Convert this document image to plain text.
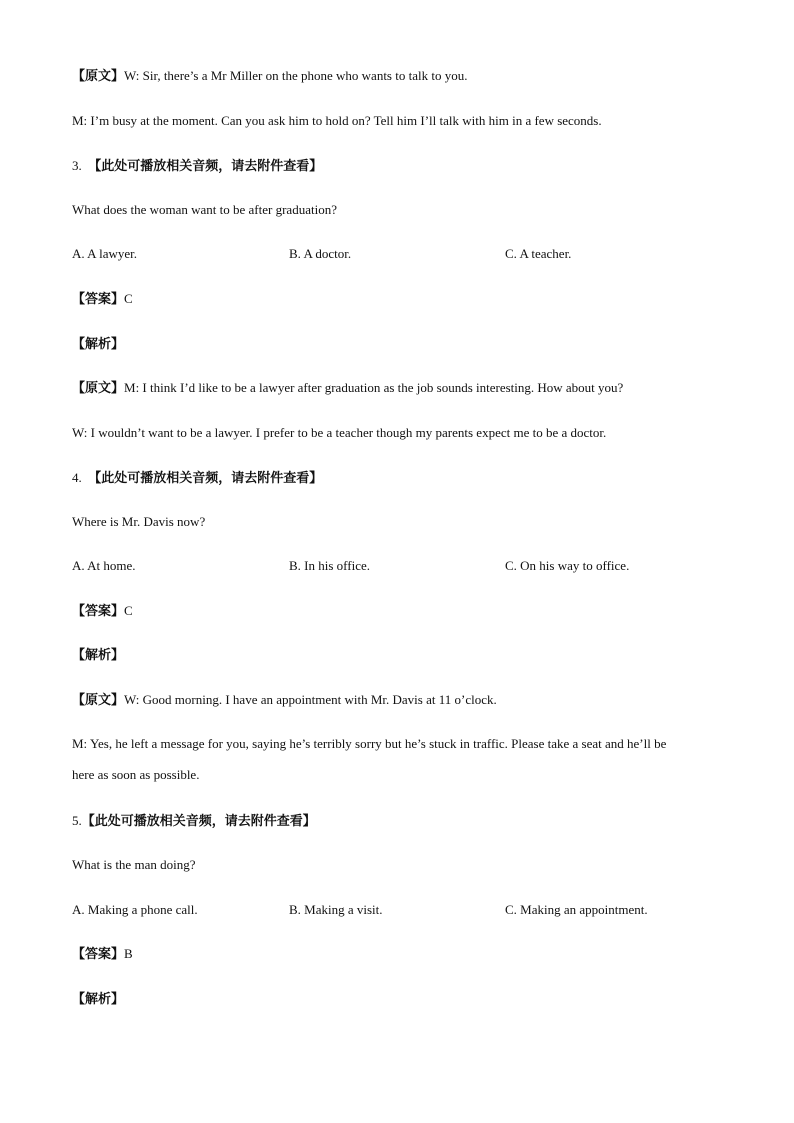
【原文】W: Sir, there’s a Mr Miller on the phone who wants to talk to you.
M: I’m busy at the moment. Can you ask him to hold on? Tell him I’ll talk with him in a few seconds.
3. 【此处可播放相关音频，请去附件查看】
What does the woman want to be after graduation?
A. A lawyer.	B. A doctor.	C. A teacher.
【答案】C
【解析】
【原文】M: I think I’d like to be a lawyer after graduation as the job sounds interesting. How about you?
W: I wouldn’t want to be a lawyer. I prefer to be a teacher though my parents expect me to be a doctor.
4. 【此处可播放相关音频，请去附件查看】
Where is Mr. Davis now?
A. At home.	B. In his office.	C. On his way to office.
【答案】C
【解析】
【原文】W: Good morning. I have an appointment with Mr. Davis at 11 o’clock.
M: Yes, he left a message for you, saying he’s terribly sorry but he’s stuck in traffic. Please take a seat and he’ll be
here as soon as possible.
5.【此处可播放相关音频，请去附件查看】
What is the man doing?
A. Making a phone call.	B. Making a visit.	C. Making an appointment.
【答案】B
【解析】
